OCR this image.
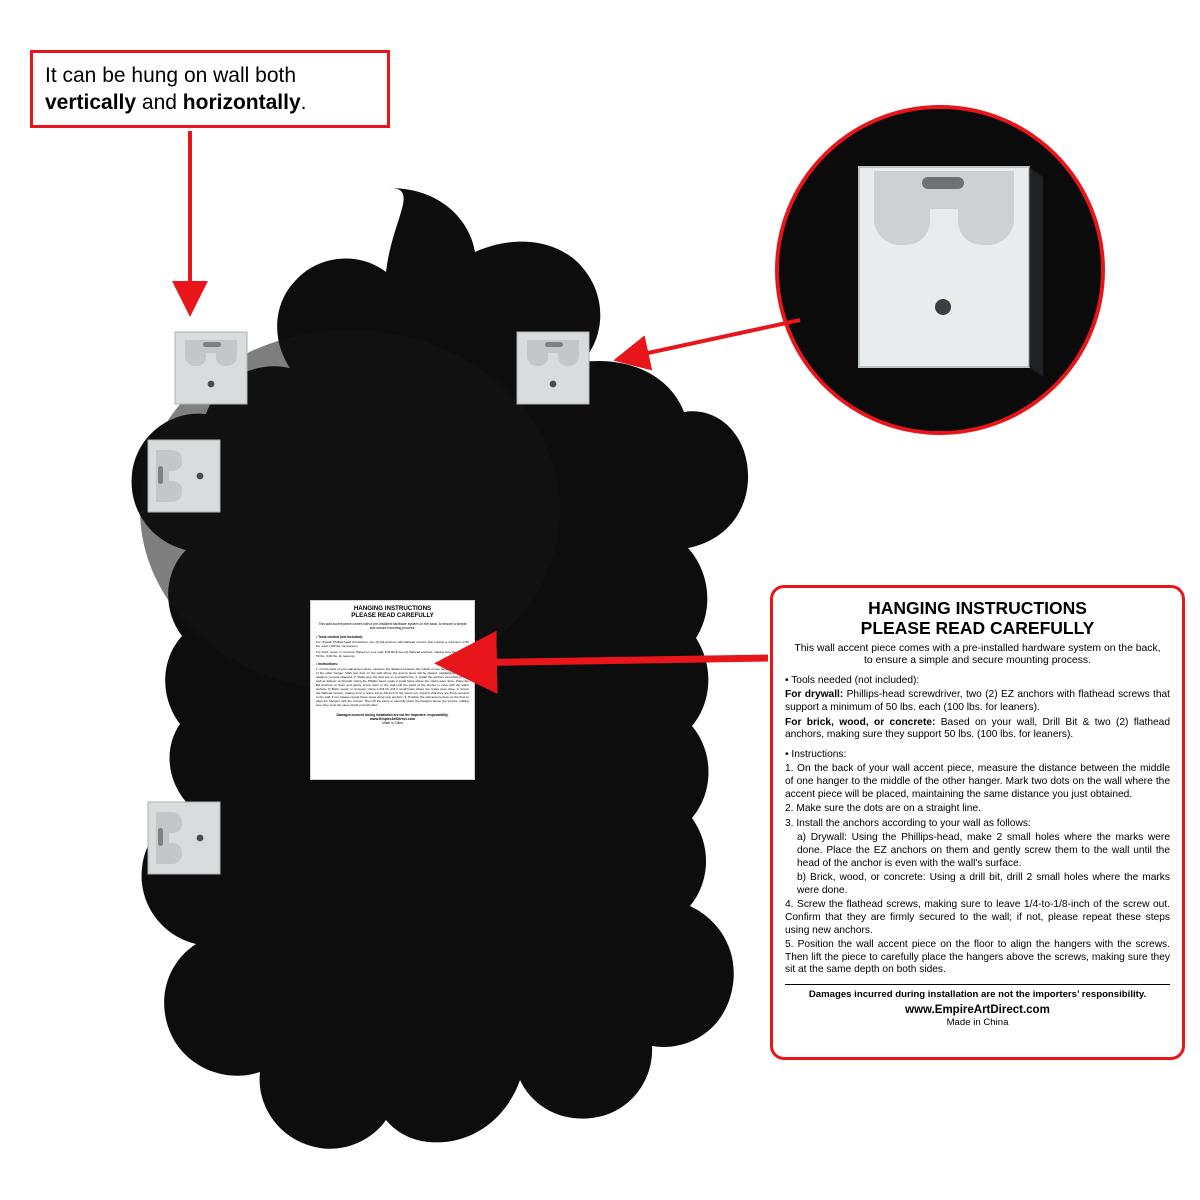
It can be hung on wall both
vertically and horizontally.
HANGING INSTRUCTIONS
PLEASE READ CAREFULLY
This wall accent piece comes with a pre-installed hardware system on the back, to ensure a simple and secure mounting process.
• Tools needed (not included):
For drywall: Phillips-head screwdriver, two (2) EZ anchors with flathead screws, that support a minimum of 50 lbs. each (100 lbs. for leaners).
For brick, wood, or concrete: Based on your wall, Drill Bit & two (2) flathead anchors, making sure they support 50 lbs. (100 lbs. for leaners).
• Instructions:
1. On the back of your wall accent piece, measure the distance between the middle of one hanger to the middle of the other hanger. Mark two dots on the wall where the accent piece will be placed, maintaining the same distance you just obtained. 2. Make sure the dots are on a straight line. 3. Install the anchors according to your wall as follows: a) Drywall: Using the Phillips-head, make 2 small holes where the marks were done. Place the EZ anchors on them and gently screw them to the wall until the head of the anchor is even with the wall's surface. b) Brick, wood, or concrete: Using a drill bit, drill 2 small holes where the marks were done. 4. Screw the flathead screws, making sure to leave 1/4-to-1/8-inch of the screw out. Confirm that they are firmly secured to the wall; if not, please repeat these steps using new anchors. 5. Position the wall accent piece on the floor to align the hangers with the screws. Then lift the piece to carefully place the hangers above the screws, making sure they sit at the same depth on both sides.
Damages incurred during installation are not the importers’ responsibility.
www.EmpireArtDirect.com
Made in China
HANGING INSTRUCTIONS
PLEASE READ CAREFULLY
This wall accent piece comes with a pre-installed hardware system on the back,
to ensure a simple and secure mounting process.
• Tools needed (not included):
For drywall: Phillips-head screwdriver, two (2) EZ anchors with flathead screws that support a minimum of 50 lbs. each (100 lbs. for leaners).
For brick, wood, or concrete: Based on your wall, Drill Bit & two (2) flathead anchors, making sure they support 50 lbs. (100 lbs. for leaners).
• Instructions:
1. On the back of your wall accent piece, measure the distance between the middle of one hanger to the middle of the other hanger. Mark two dots on the wall where the accent piece will be placed, maintaining the same distance you just obtained.
2. Make sure the dots are on a straight line.
3. Install the anchors according to your wall as follows:
a) Drywall: Using the Phillips-head, make 2 small holes where the marks were done. Place the EZ anchors on them and gently screw them to the wall until the head of the anchor is even with the wall's surface.
b) Brick, wood, or concrete: Using a drill bit, drill 2 small holes where the marks were done.
4. Screw the flathead screws, making sure to leave 1/4-to-1/8-inch of the screw out. Confirm that they are firmly secured to the wall; if not, please repeat these steps using new anchors.
5. Position the wall accent piece on the floor to align the hangers with the screws. Then lift the piece to carefully place the hangers above the screws, making sure they sit at the same depth on both sides.
Damages incurred during installation are not the importers’ responsibility.
www.EmpireArtDirect.com
Made in China
